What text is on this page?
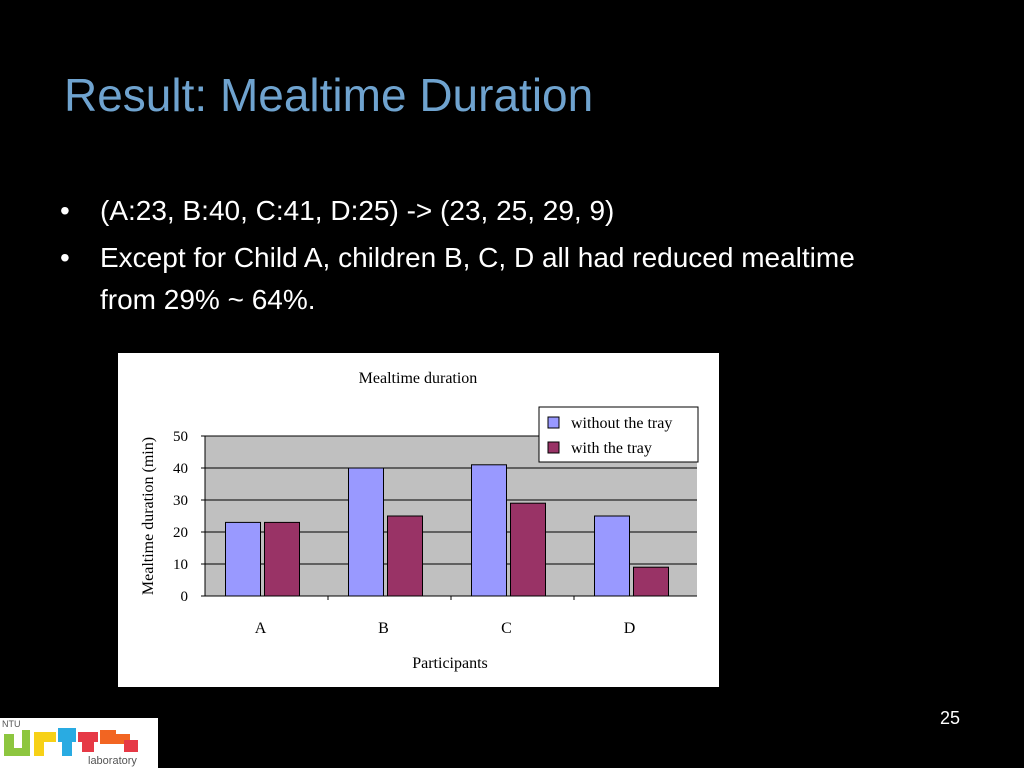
Result: Mealtime Duration
• (A:23, B:40, C:41, D:25) -> (23, 25, 29, 9)
• Except for Child A, children B, C, D all had reduced mealtime from 29% ~ 64%.
Mealtime duration
0
10
20
30
40
50
A	B	C	D
Mealtime duration (min)
Participants
without the tray
with the tray
25
NTU
laboratory
